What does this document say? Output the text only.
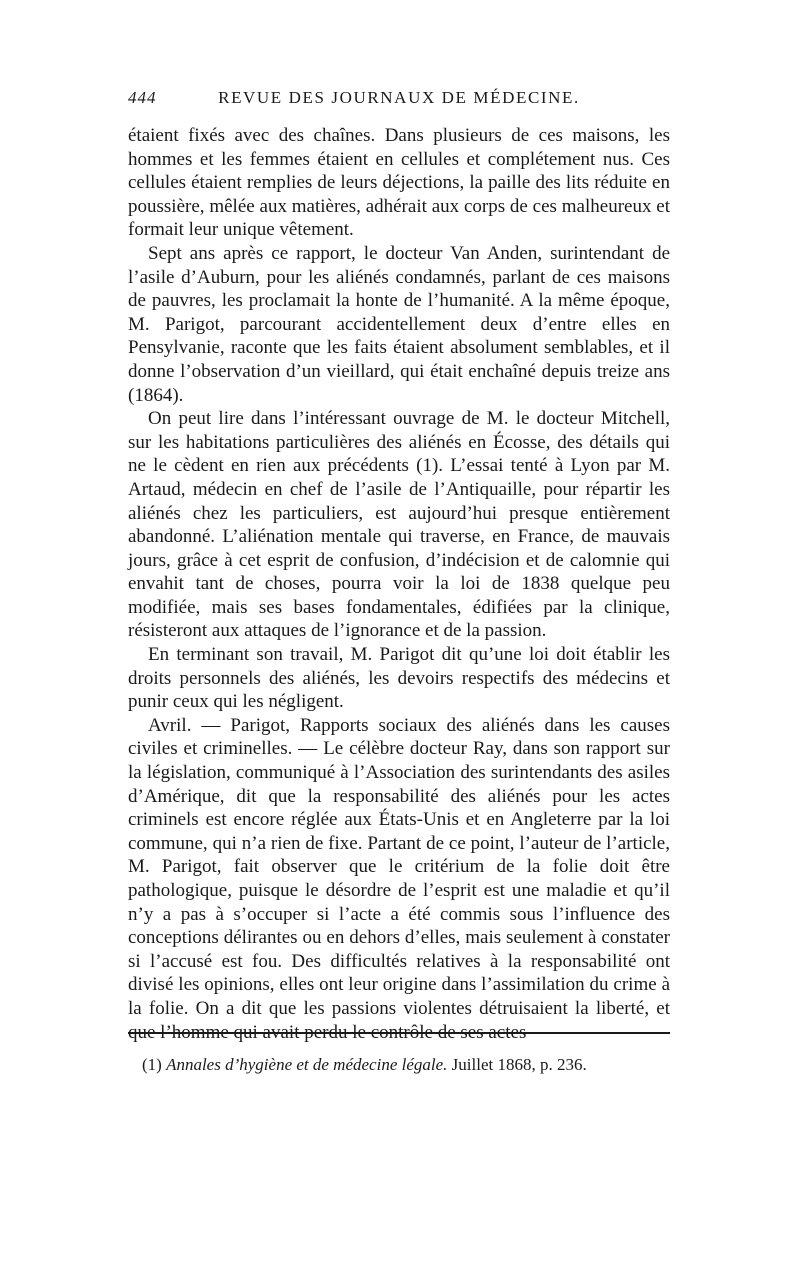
444	REVUE DES JOURNAUX DE MÉDECINE.

étaient fixés avec des chaînes. Dans plusieurs de ces maisons, les hommes et les femmes étaient en cellules et complétement nus. Ces cellules étaient remplies de leurs déjections, la paille des lits réduite en poussière, mêlée aux matières, adhérait aux corps de ces malheureux et formait leur unique vêtement.

Sept ans après ce rapport, le docteur Van Anden, surintendant de l’asile d’Auburn, pour les aliénés condamnés, parlant de ces maisons de pauvres, les proclamait la honte de l’humanité. A la même époque, M. Parigot, parcourant accidentellement deux d’entre elles en Pensylvanie, raconte que les faits étaient absolument semblables, et il donne l’observation d’un vieillard, qui était enchaîné depuis treize ans (1864).

On peut lire dans l’intéressant ouvrage de M. le docteur Mitchell, sur les habitations particulières des aliénés en Écosse, des détails qui ne le cèdent en rien aux précédents (1). L’essai tenté à Lyon par M. Artaud, médecin en chef de l’asile de l’Antiquaille, pour répartir les aliénés chez les particuliers, est aujourd’hui presque entièrement abandonné. L’aliénation mentale qui traverse, en France, de mauvais jours, grâce à cet esprit de confusion, d’indécision et de calomnie qui envahit tant de choses, pourra voir la loi de 1838 quelque peu modifiée, mais ses bases fondamentales, édifiées par la clinique, résisteront aux attaques de l’ignorance et de la passion.

En terminant son travail, M. Parigot dit qu’une loi doit établir les droits personnels des aliénés, les devoirs respectifs des médecins et punir ceux qui les négligent.

Avril. — Parigot, Rapports sociaux des aliénés dans les causes civiles et criminelles. — Le célèbre docteur Ray, dans son rapport sur la législation, communiqué à l’Association des surintendants des asiles d’Amérique, dit que la responsabilité des aliénés pour les actes criminels est encore réglée aux États-Unis et en Angleterre par la loi commune, qui n’a rien de fixe. Partant de ce point, l’auteur de l’article, M. Parigot, fait observer que le critérium de la folie doit être pathologique, puisque le désordre de l’esprit est une maladie et qu’il n’y a pas à s’occuper si l’acte a été commis sous l’influence des conceptions délirantes ou en dehors d’elles, mais seulement à constater si l’accusé est fou. Des difficultés relatives à la responsabilité ont divisé les opinions, elles ont leur origine dans l’assimilation du crime à la folie. On a dit que les passions violentes détruisaient la liberté, et que l’homme qui avait perdu le contrôle de ses actes

(1) Annales d’hygiène et de médecine légale. Juillet 1868, p. 236.
